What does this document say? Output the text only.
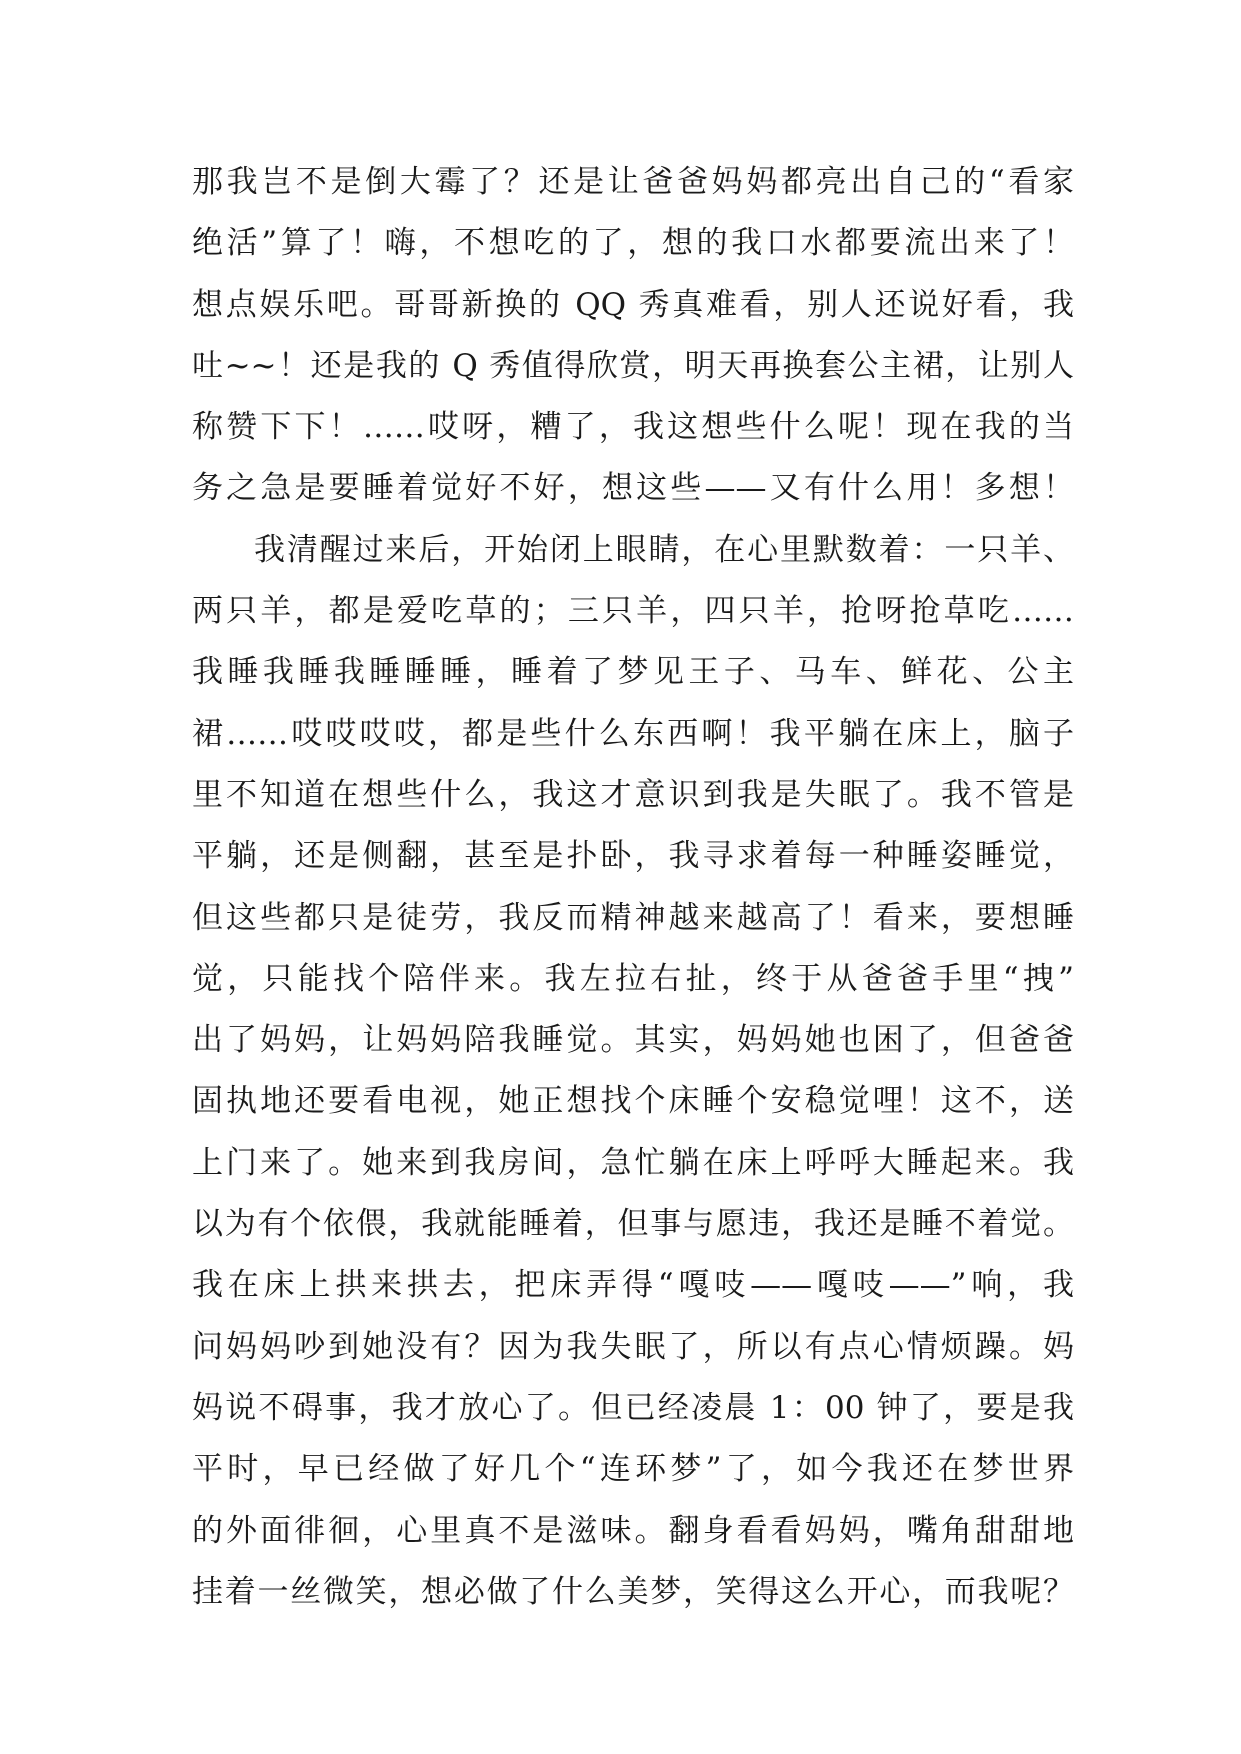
那我岂不是倒大霉了？还是让爸爸妈妈都亮出自己的“看家
绝活”算了！嗨，不想吃的了，想的我口水都要流出来了！
想点娱乐吧。哥哥新换的 QQ 秀真难看，别人还说好看，我
吐~~！还是我的 Q 秀值得欣赏，明天再换套公主裙，让别人
称赞下下！……哎呀，糟了，我这想些什么呢！现在我的当
务之急是要睡着觉好不好，想这些——又有什么用！多想！
我清醒过来后，开始闭上眼睛，在心里默数着：一只羊、
两只羊，都是爱吃草的；三只羊，四只羊，抢呀抢草吃……
我睡我睡我睡睡睡，睡着了梦见王子、马车、鲜花、公主
裙……哎哎哎哎，都是些什么东西啊！我平躺在床上，脑子
里不知道在想些什么，我这才意识到我是失眠了。我不管是
平躺，还是侧翻，甚至是扑卧，我寻求着每一种睡姿睡觉，
但这些都只是徒劳，我反而精神越来越高了！看来，要想睡
觉，只能找个陪伴来。我左拉右扯，终于从爸爸手里“拽”
出了妈妈，让妈妈陪我睡觉。其实，妈妈她也困了，但爸爸
固执地还要看电视，她正想找个床睡个安稳觉哩！这不，送
上门来了。她来到我房间，急忙躺在床上呼呼大睡起来。我
以为有个依偎，我就能睡着，但事与愿违，我还是睡不着觉。
我在床上拱来拱去，把床弄得“嘎吱——嘎吱——”响，我
问妈妈吵到她没有？因为我失眠了，所以有点心情烦躁。妈
妈说不碍事，我才放心了。但已经凌晨 1：00 钟了，要是我
平时，早已经做了好几个“连环梦”了，如今我还在梦世界
的外面徘徊，心里真不是滋味。翻身看看妈妈，嘴角甜甜地
挂着一丝微笑，想必做了什么美梦，笑得这么开心，而我呢？
